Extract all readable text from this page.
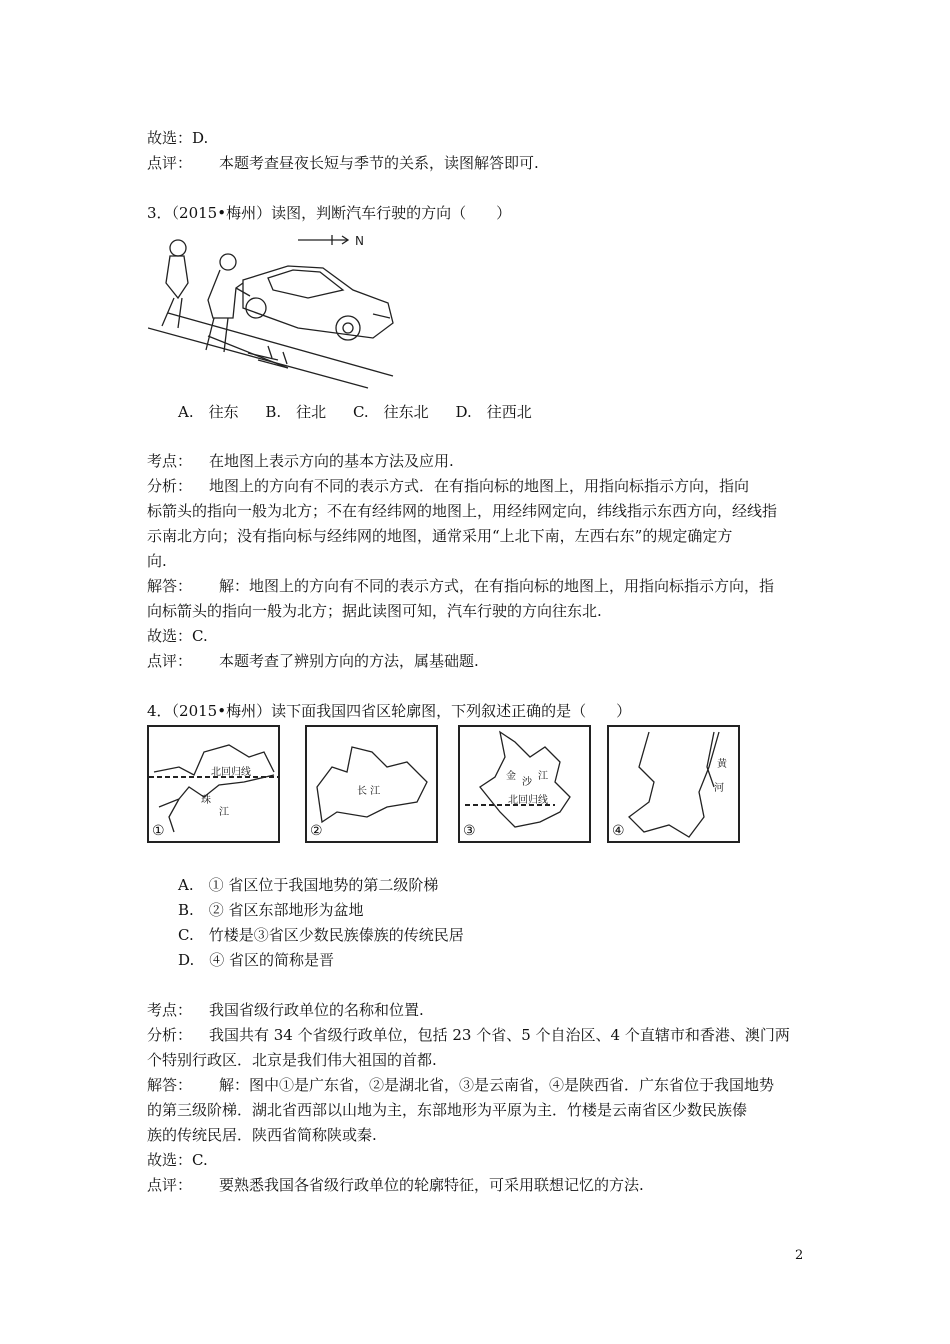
故选：D.
点评： 本题考查昼夜长短与季节的关系，读图解答即可.
3．（2015•梅州）读图，判断汽车行驶的方向（　　）
N
A.　往东 B.　往北 C.　往东北 D.　往西北
考点： 在地图上表示方向的基本方法及应用.
分析： 地图上的方向有不同的表示方式．在有指向标的地图上，用指向标指示方向，指向
标箭头的指向一般为北方；不在有经纬网的地图上，用经纬网定向，纬线指示东西方向，经线指
示南北方向；没有指向标与经纬网的地图，通常采用“上北下南，左西右东”的规定确定方
向.
解答： 解：地图上的方向有不同的表示方式，在有指向标的地图上，用指向标指示方向，指
向标箭头的指向一般为北方；据此读图可知，汽车行驶的方向往东北.
故选：C.
点评： 本题考查了辨别方向的方法，属基础题.
4．（2015•梅州）读下面我国四省区轮廓图，下列叙述正确的是（　　）
北回归线
珠
江
①
长 江
②
金
沙
江
北回归线
③
黄
河
④
A.　① 省区位于我国地势的第二级阶梯
B.　② 省区东部地形为盆地
C.　竹楼是③省区少数民族傣族的传统民居
D.　④ 省区的简称是晋
考点： 我国省级行政单位的名称和位置.
分析： 我国共有 34 个省级行政单位，包括 23 个省、5 个自治区、4 个直辖市和香港、澳门两
个特别行政区．北京是我们伟大祖国的首都.
解答： 解：图中①是广东省，②是湖北省，③是云南省，④是陕西省．广东省位于我国地势
的第三级阶梯．湖北省西部以山地为主，东部地形为平原为主．竹楼是云南省区少数民族傣
族的传统民居．陕西省简称陕或秦.
故选：C.
点评： 要熟悉我国各省级行政单位的轮廓特征，可采用联想记忆的方法.
2
